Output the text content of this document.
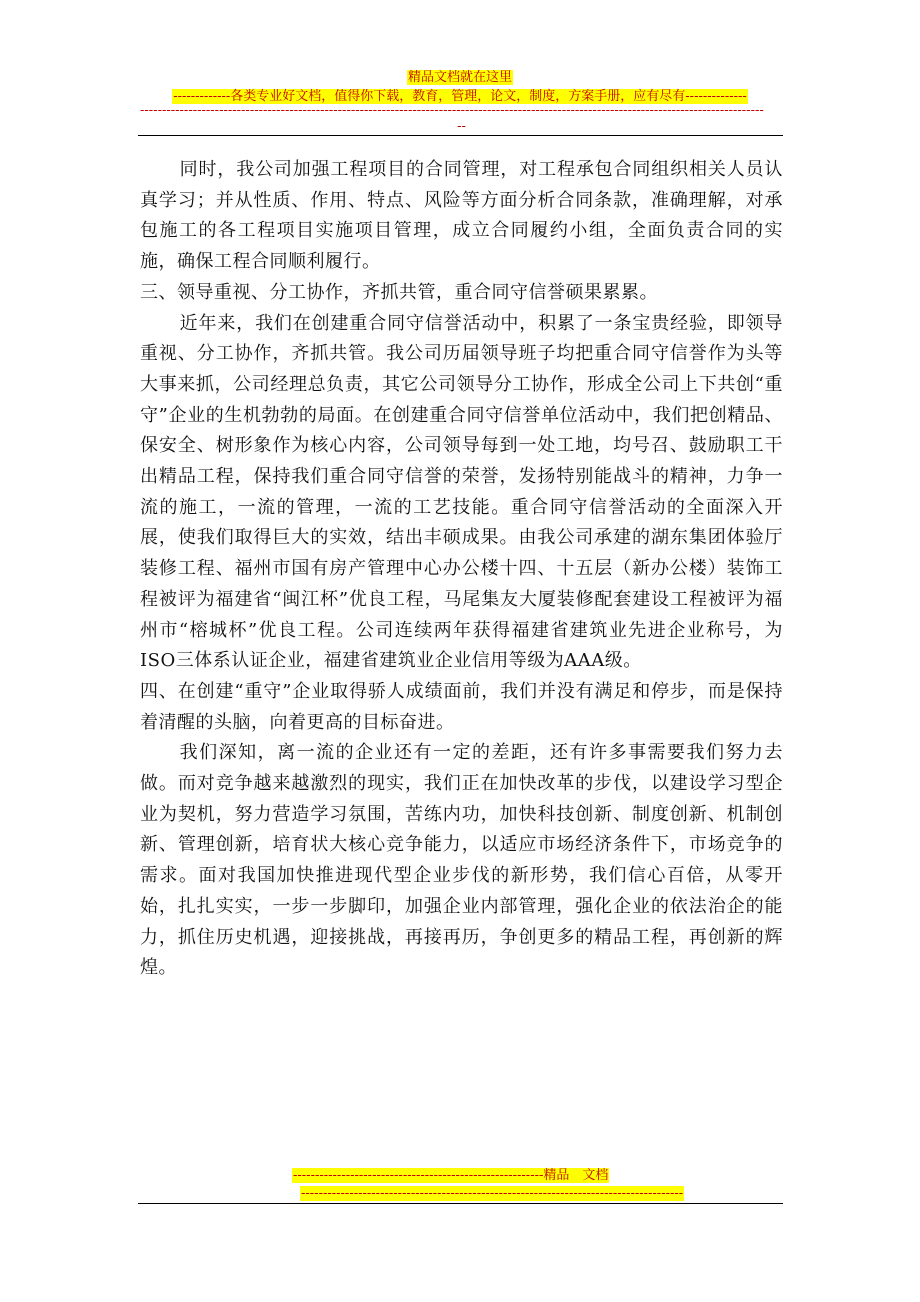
精品文档就在这里
-------------各类专业好文档，值得你下载，教育，管理，论文，制度，方案手册，应有尽有--------------
----------------------------------------------------------------------------------------------------------------------------------------------
--

同时，我公司加强工程项目的合同管理，对工程承包合同组织相关人员认真学习；并从性质、作用、特点、风险等方面分析合同条款，准确理解，对承包施工的各工程项目实施项目管理，成立合同履约小组，全面负责合同的实施，确保工程合同顺利履行。

三、领导重视、分工协作，齐抓共管，重合同守信誉硕果累累。

近年来，我们在创建重合同守信誉活动中，积累了一条宝贵经验，即领导重视、分工协作，齐抓共管。我公司历届领导班子均把重合同守信誉作为头等大事来抓，公司经理总负责，其它公司领导分工协作，形成全公司上下共创“重守”企业的生机勃勃的局面。在创建重合同守信誉单位活动中，我们把创精品、保安全、树形象作为核心内容，公司领导每到一处工地，均号召、鼓励职工干出精品工程，保持我们重合同守信誉的荣誉，发扬特别能战斗的精神，力争一流的施工，一流的管理，一流的工艺技能。重合同守信誉活动的全面深入开展，使我们取得巨大的实效，结出丰硕成果。由我公司承建的湖东集团体验厅装修工程、福州市国有房产管理中心办公楼十四、十五层（新办公楼）装饰工程被评为福建省“闽江杯”优良工程，马尾集友大厦装修配套建设工程被评为福州市“榕城杯”优良工程。公司连续两年获得福建省建筑业先进企业称号，为ISO三体系认证企业，福建省建筑业企业信用等级为AAA级。

四、在创建“重守”企业取得骄人成绩面前，我们并没有满足和停步，而是保持着清醒的头脑，向着更高的目标奋进。

我们深知，离一流的企业还有一定的差距，还有许多事需要我们努力去做。而对竞争越来越激烈的现实，我们正在加快改革的步伐，以建设学习型企业为契机，努力营造学习氛围，苦练内功，加快科技创新、制度创新、机制创新、管理创新，培育状大核心竞争能力，以适应市场经济条件下，市场竞争的需求。面对我国加快推进现代型企业步伐的新形势，我们信心百倍，从零开始，扎扎实实，一步一步脚印，加强企业内部管理，强化企业的依法治企的能力，抓住历史机遇，迎接挑战，再接再历，争创更多的精品工程，再创新的辉煌。

---------------------------------------------------------精品　文档
---------------------------------------------------------------------------------------
